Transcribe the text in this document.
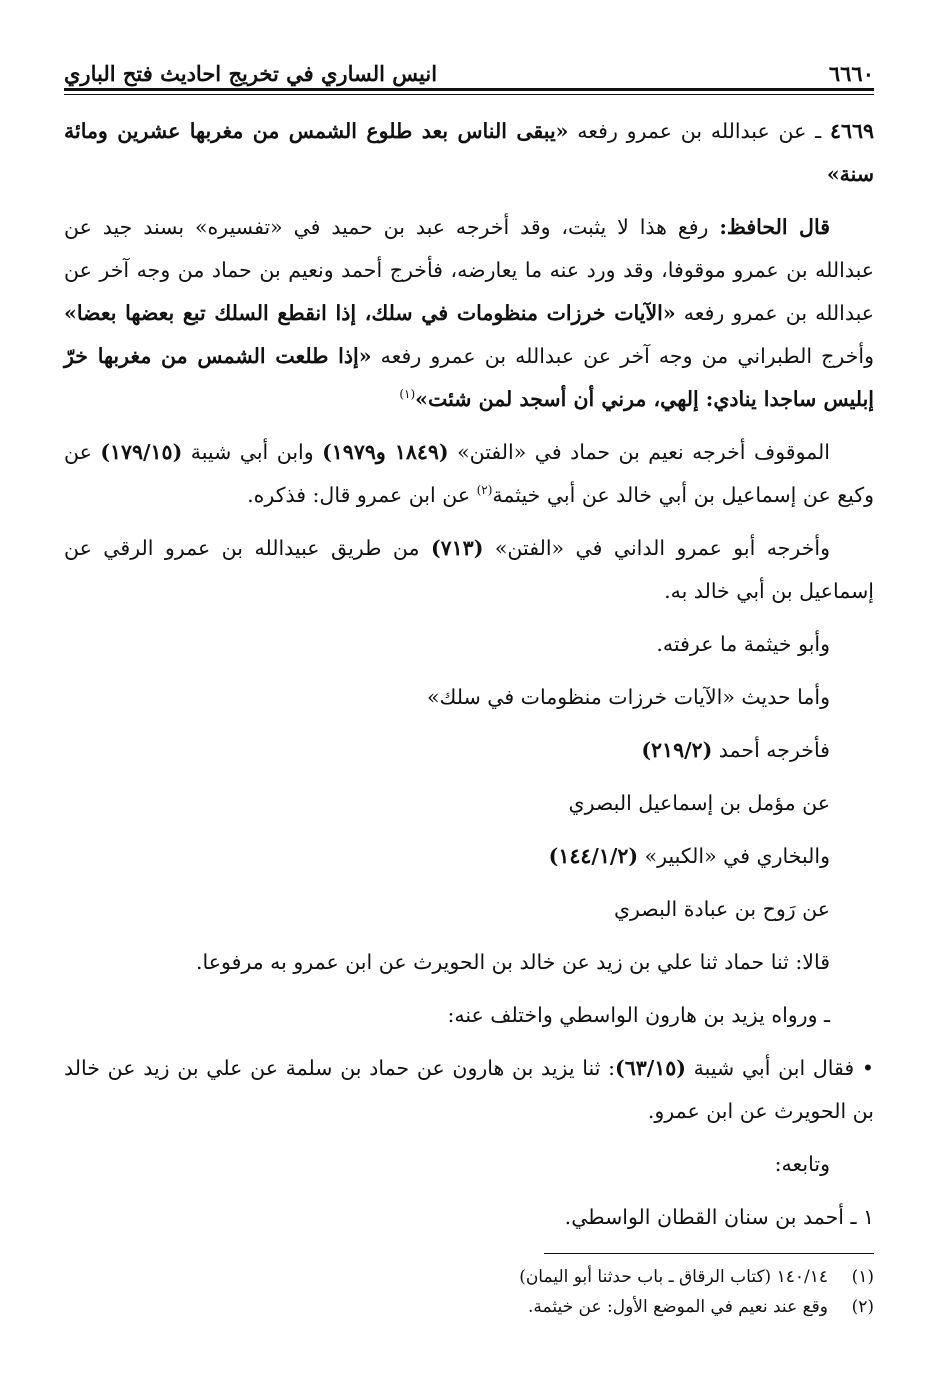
٦٦٦٠
انيس الساري في تخريج احاديث فتح الباري

٤٦٦٩ ـ عن عبدالله بن عمرو رفعه «يبقى الناس بعد طلوع الشمس من مغربها عشرين ومائة سنة»

قال الحافظ: رفع هذا لا يثبت، وقد أخرجه عبد بن حميد في «تفسيره» بسند جيد عن عبدالله بن عمرو موقوفا، وقد ورد عنه ما يعارضه، فأخرج أحمد ونعيم بن حماد من وجه آخر عن عبدالله بن عمرو رفعه «الآيات خرزات منظومات في سلك، إذا انقطع السلك تبع بعضها بعضا» وأخرج الطبراني من وجه آخر عن عبدالله بن عمرو رفعه «إذا طلعت الشمس من مغربها خرّ إبليس ساجدا ينادي: إلهي، مرني أن أسجد لمن شئت»$^{(١)}$

الموقوف أخرجه نعيم بن حماد في «الفتن» (١٨٤٩ و١٩٧٩) وابن أبي شيبة (١٧٩/١٥) عن وكيع عن إسماعيل بن أبي خالد عن أبي خيثمة$^{(٢)}$ عن ابن عمرو قال: فذكره.

وأخرجه أبو عمرو الداني في «الفتن» (٧١٣) من طريق عبيدالله بن عمرو الرقي عن إسماعيل بن أبي خالد به.

وأبو خيثمة ما عرفته.

وأما حديث «الآيات خرزات منظومات في سلك»

فأخرجه أحمد (٢١٩/٢)

عن مؤمل بن إسماعيل البصري

والبخاري في «الكبير» (١٤٤/١/٢)

عن رَوح بن عبادة البصري

قالا: ثنا حماد ثنا علي بن زيد عن خالد بن الحويرث عن ابن عمرو به مرفوعا.

ـ ورواه يزيد بن هارون الواسطي واختلف عنه:

• فقال ابن أبي شيبة (٦٣/١٥): ثنا يزيد بن هارون عن حماد بن سلمة عن علي بن زيد عن خالد بن الحويرث عن ابن عمرو.

وتابعه:

١ ـ أحمد بن سنان القطان الواسطي.

(١)
١٤٠/١٤ (كتاب الرقاق ـ باب حدثنا أبو اليمان)
(٢)
وقع عند نعيم في الموضع الأول: عن خيثمة.
